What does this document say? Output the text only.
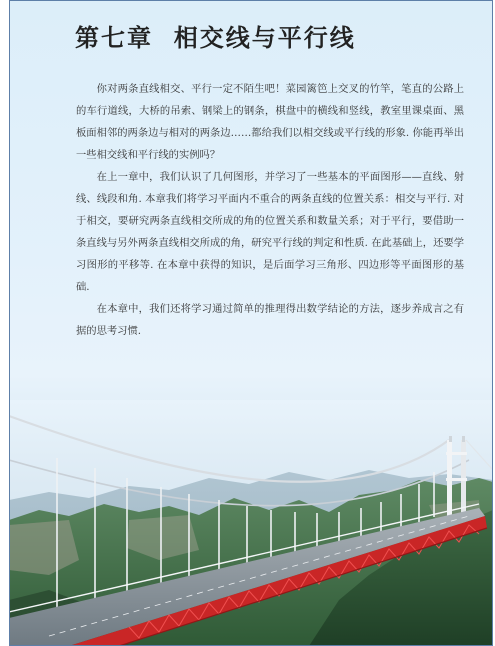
第七章  相交线与平行线

你对两条直线相交、平行一定不陌生吧！菜园篱笆上交叉的竹竿，笔直的公路上的车行道线，大桥的吊索、钢梁上的钢条，棋盘中的横线和竖线，教室里课桌面、黑板面相邻的两条边与相对的两条边……都给我们以相交线或平行线的形象. 你能再举出一些相交线和平行线的实例吗？

在上一章中，我们认识了几何图形，并学习了一些基本的平面图形——直线、射线、线段和角. 本章我们将学习平面内不重合的两条直线的位置关系：相交与平行. 对于相交，要研究两条直线相交所成的角的位置关系和数量关系；对于平行，要借助一条直线与另外两条直线相交所成的角，研究平行线的判定和性质. 在此基础上，还要学习图形的平移等. 在本章中获得的知识，是后面学习三角形、四边形等平面图形的基础.

在本章中，我们还将学习通过简单的推理得出数学结论的方法，逐步养成言之有据的思考习惯.
